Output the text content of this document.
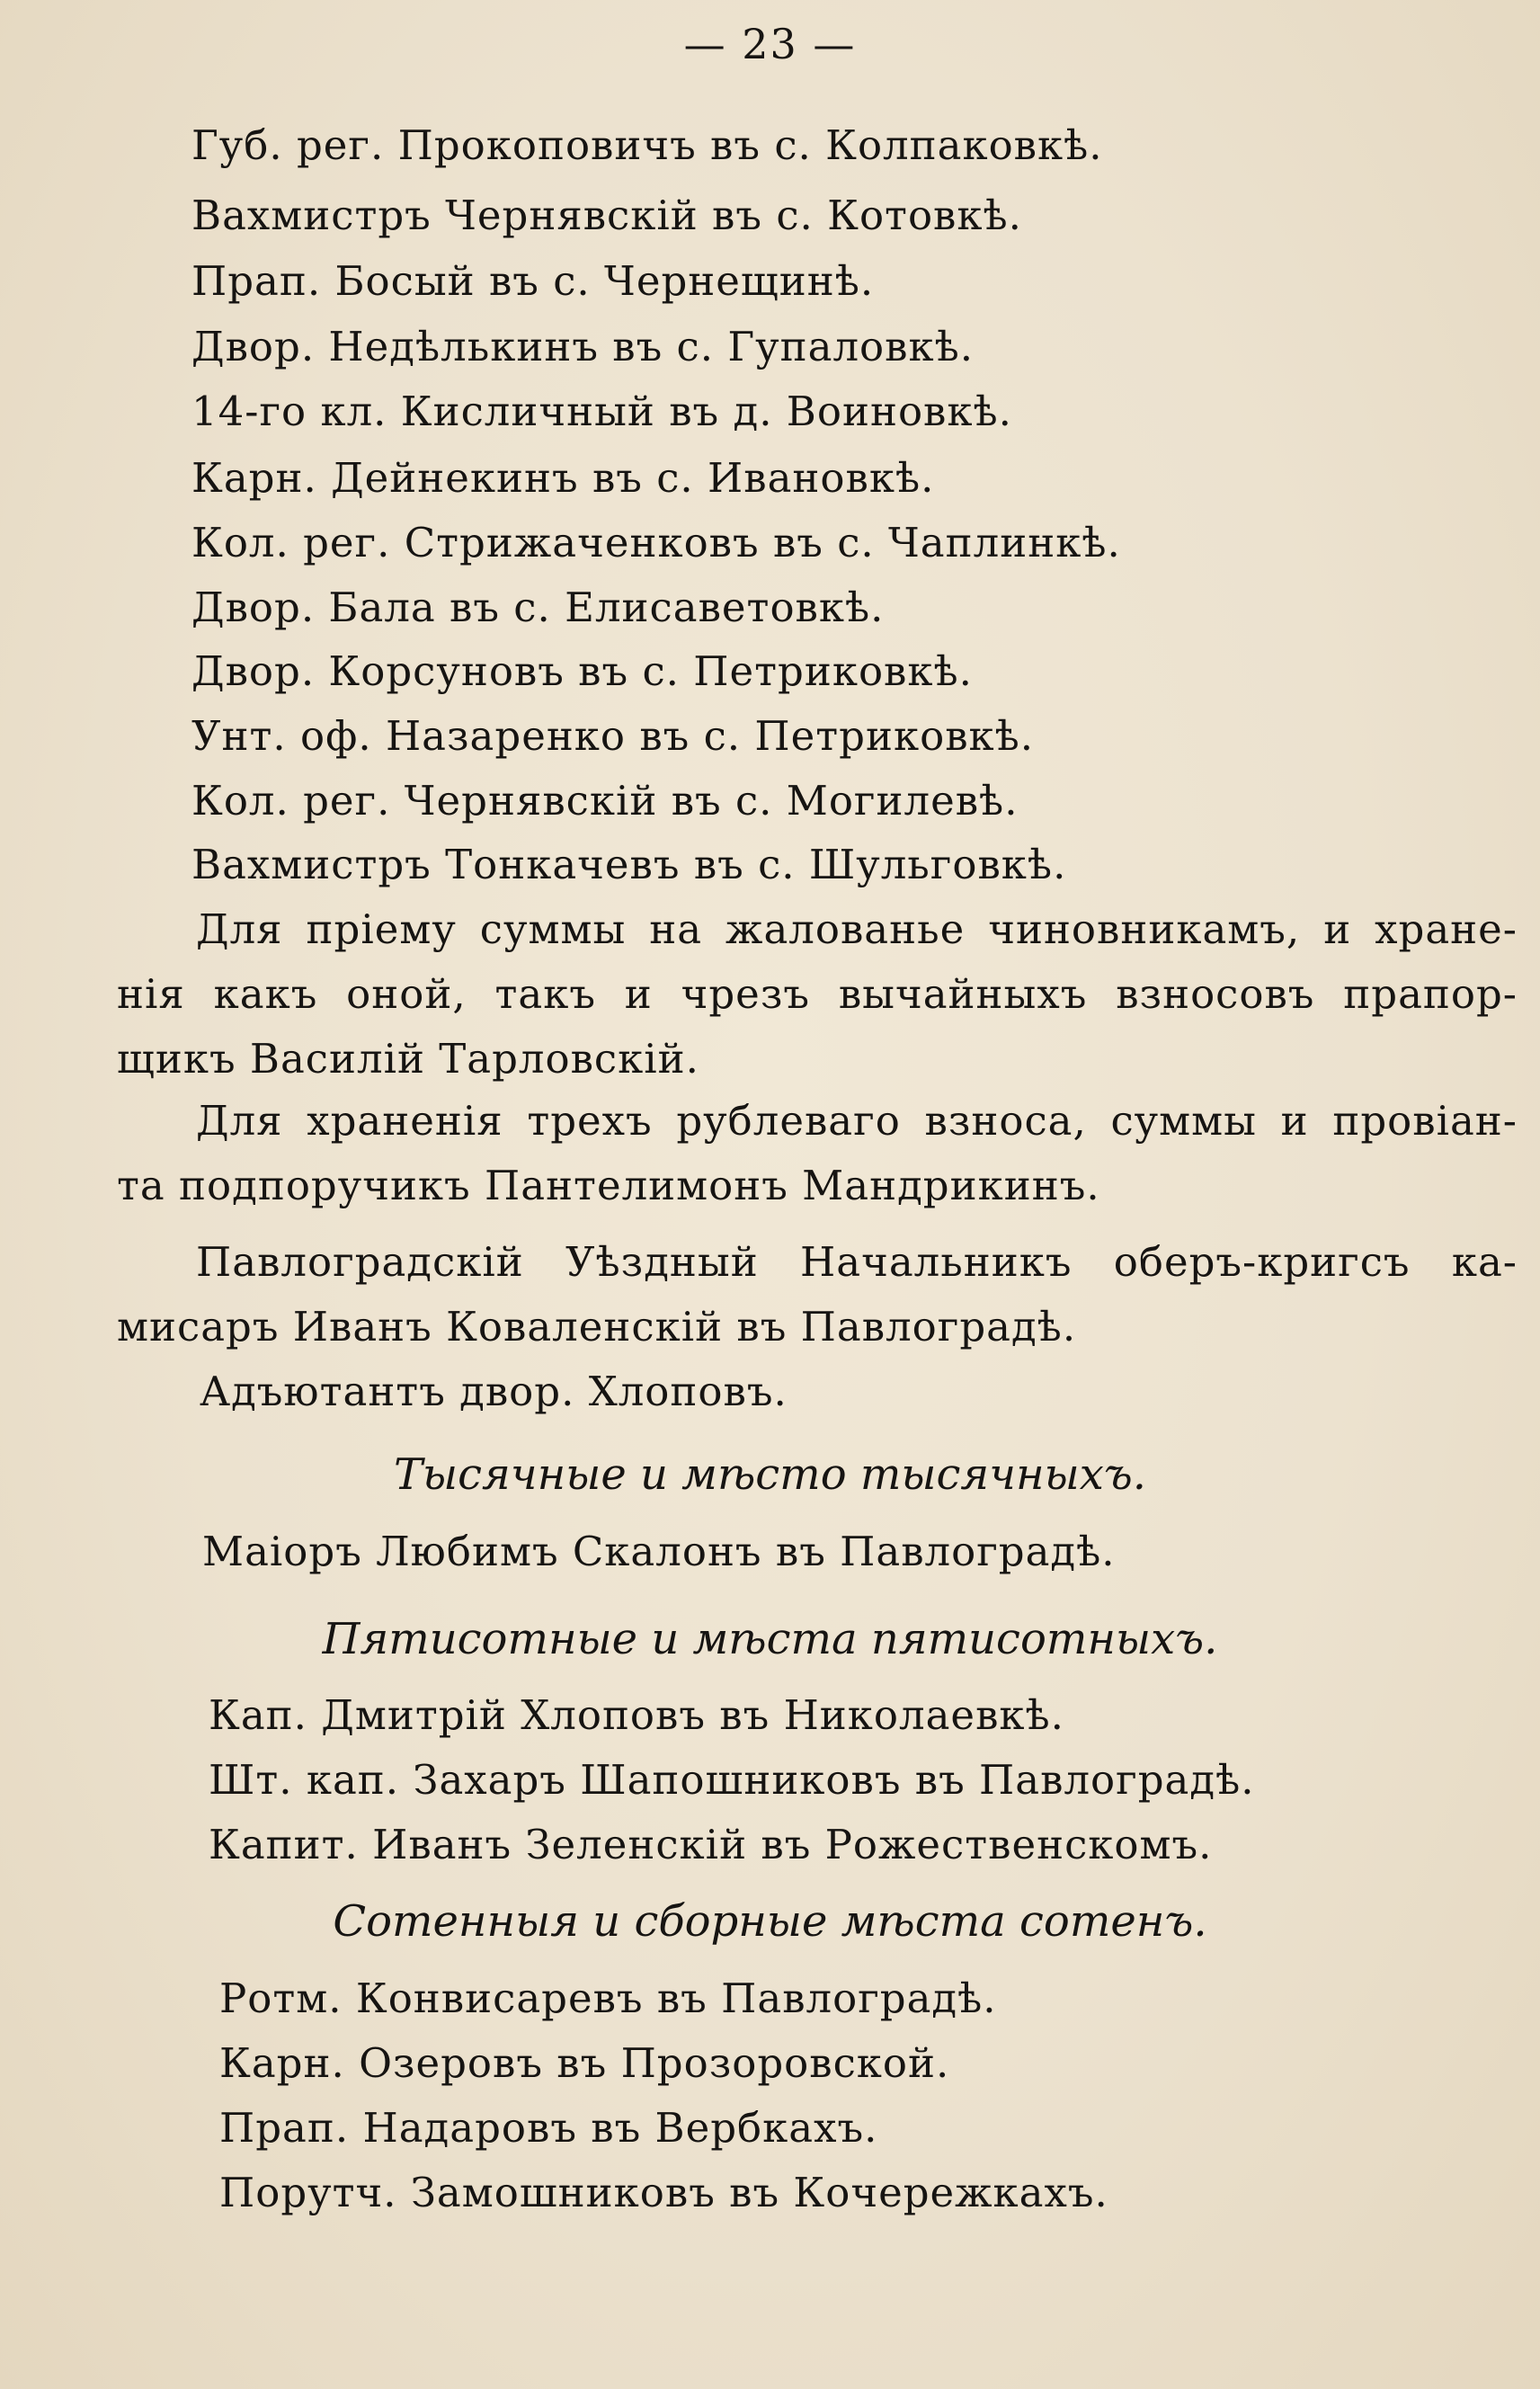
— 23 —
Губ. рег. Прокоповичъ въ с. Колпаковкѣ.
Вахмистръ Чернявскій въ с. Котовкѣ.
Прап. Босый въ с. Чернещинѣ.
Двор. Недѣлькинъ въ с. Гупаловкѣ.
14-го кл. Кисличный въ д. Воиновкѣ.
Карн. Дейнекинъ въ с. Ивановкѣ.
Кол. рег. Стрижаченковъ въ с. Чаплинкѣ.
Двор. Бала въ с. Елисаветовкѣ.
Двор. Корсуновъ въ с. Петриковкѣ.
Унт. оф. Назаренко въ с. Петриковкѣ.
Кол. рег. Чернявскій въ с. Могилевѣ.
Вахмистръ Тонкачевъ въ с. Шульговкѣ.
Для пріему суммы на жалованье чиновникамъ, и хране-
нія какъ оной, такъ и чрезъ вычайныхъ взносовъ прапор-
щикъ Василій Тарловскій.
Для храненія трехъ рублеваго взноса, суммы и провіан-
та подпоручикъ Пантелимонъ Мандрикинъ.
Павлоградскій Уѣздный Начальникъ оберъ-кригсъ ка-
мисаръ Иванъ Коваленскій въ Павлоградѣ.
Адъютантъ двор. Хлоповъ.
Тысячные и мѣсто тысячныхъ.
Маіоръ Любимъ Скалонъ въ Павлоградѣ.
Пятисотные и мѣста пятисотныхъ.
Кап. Дмитрій Хлоповъ въ Николаевкѣ.
Шт. кап. Захаръ Шапошниковъ въ Павлоградѣ.
Капит. Иванъ Зеленскій въ Рожественскомъ.
Сотенныя и сборные мѣста сотенъ.
Ротм. Конвисаревъ въ Павлоградѣ.
Карн. Озеровъ въ Прозоровской.
Прап. Надаровъ въ Вербкахъ.
Порутч. Замошниковъ въ Кочережкахъ.
